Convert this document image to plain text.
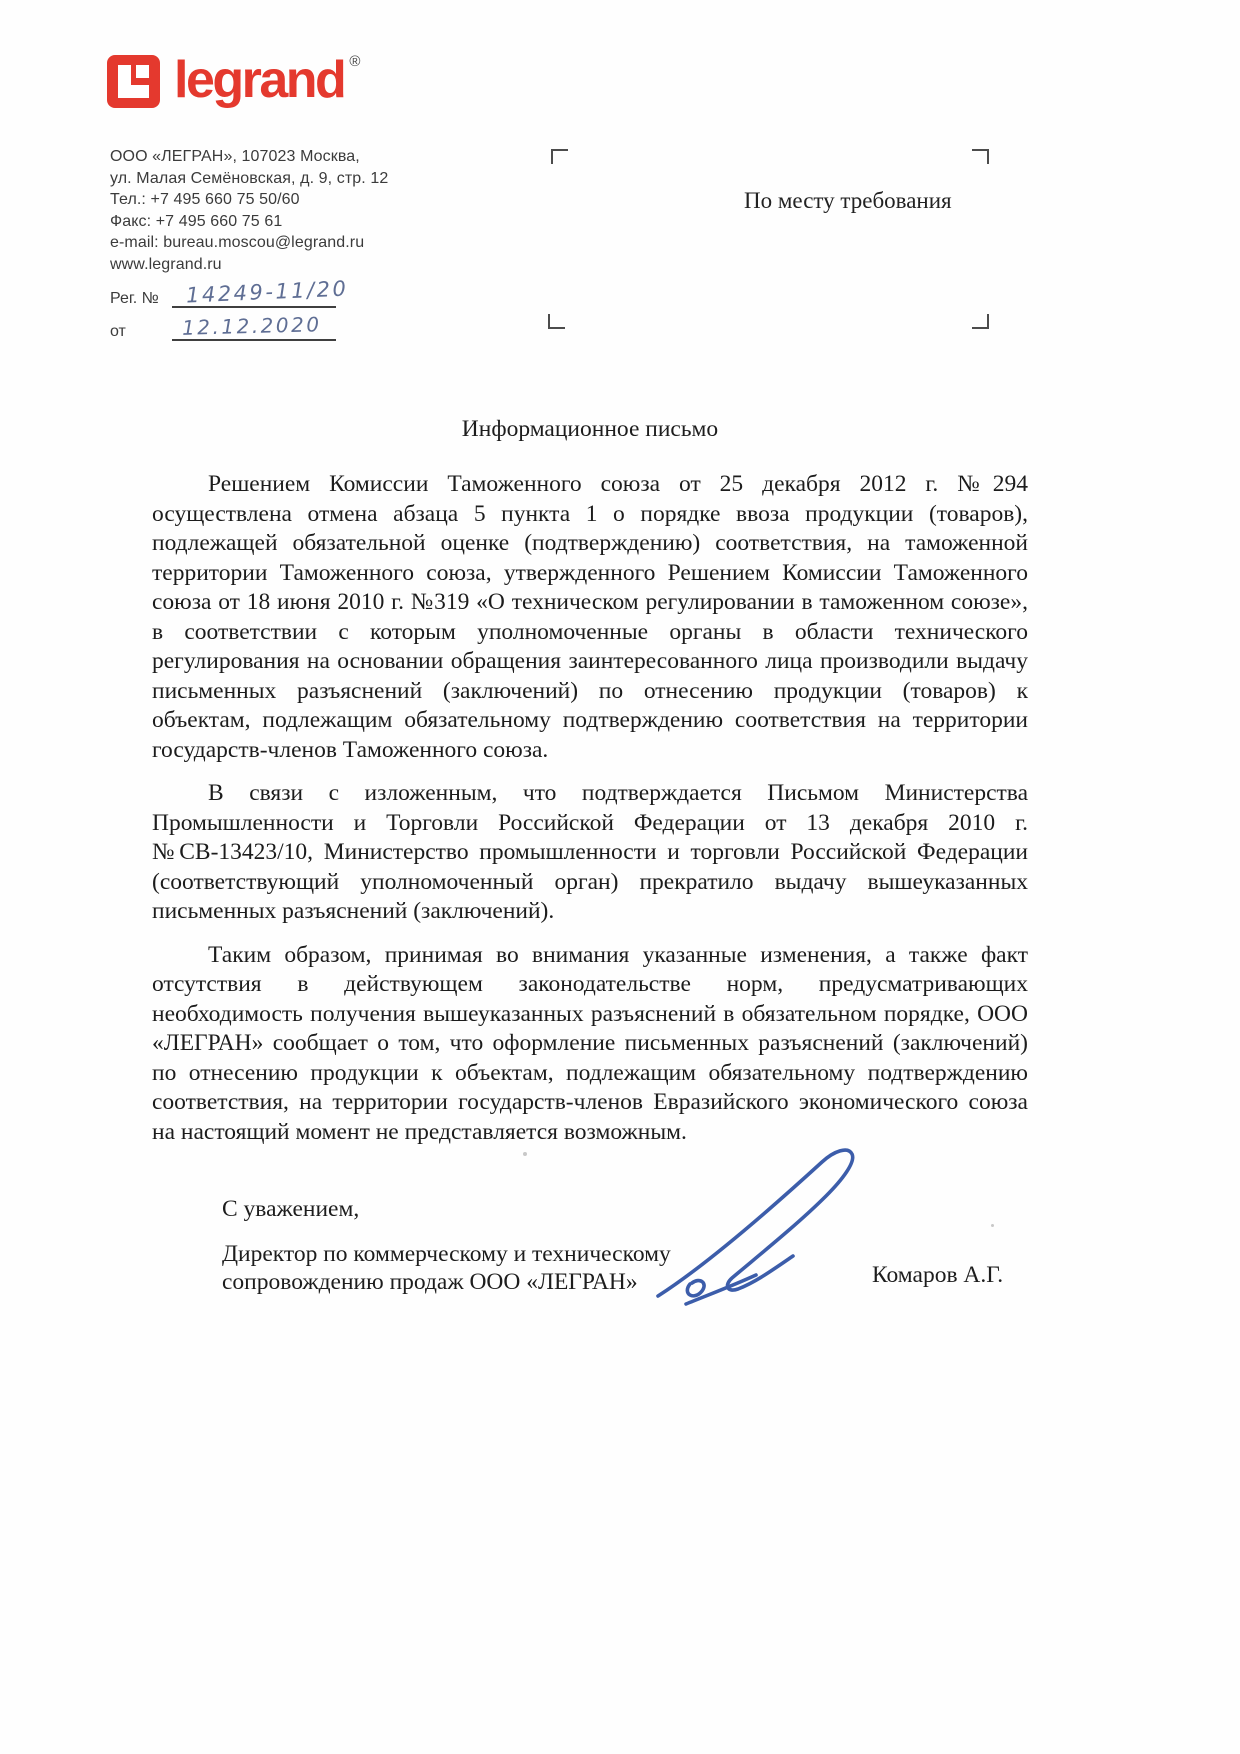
legrand ®
ООО «ЛЕГРАН», 107023 Москва,
ул. Малая Семёновская, д. 9, стр. 12
Тел.: +7 495 660 75 50/60
Факс: +7 495 660 75 61
e-mail: bureau.moscou@legrand.ru
www.legrand.ru
По месту требования
Рег. № 14249-11/20
от	12.12.2020
Информационное письмо

Решением Комиссии Таможенного союза от 25 декабря 2012 г. №294 осуществлена отмена абзаца 5 пункта 1 о порядке ввоза продукции (товаров), подлежащей обязательной оценке (подтверждению) соответствия, на таможенной территории Таможенного союза, утвержденного Решением Комиссии Таможенного союза от 18 июня 2010 г. №319 «О техническом регулировании в таможенном союзе», в соответствии с которым уполномоченные органы в области технического регулирования на основании обращения заинтересованного лица производили выдачу письменных разъяснений (заключений) по отнесению продукции (товаров) к объектам, подлежащим обязательному подтверждению соответствия на территории государств-членов Таможенного союза.

В связи с изложенным, что подтверждается Письмом Министерства Промышленности и Торговли Российской Федерации от 13 декабря 2010 г. №СВ-13423/10, Министерство промышленности и торговли Российской Федерации (соответствующий уполномоченный орган) прекратило выдачу вышеуказанных письменных разъяснений (заключений).

Таким образом, принимая во внимания указанные изменения, а также факт отсутствия в действующем законодательстве норм, предусматривающих необходимость получения вышеуказанных разъяснений в обязательном порядке, ООО «ЛЕГРАН» сообщает о том, что оформление письменных разъяснений (заключений) по отнесению продукции к объектам, подлежащим обязательному подтверждению соответствия, на территории государств-членов Евразийского экономического союза на настоящий момент не представляется возможным.

С уважением,
Директор по коммерческому и техническому сопровождению продаж ООО «ЛЕГРАН»	Комаров А.Г.
